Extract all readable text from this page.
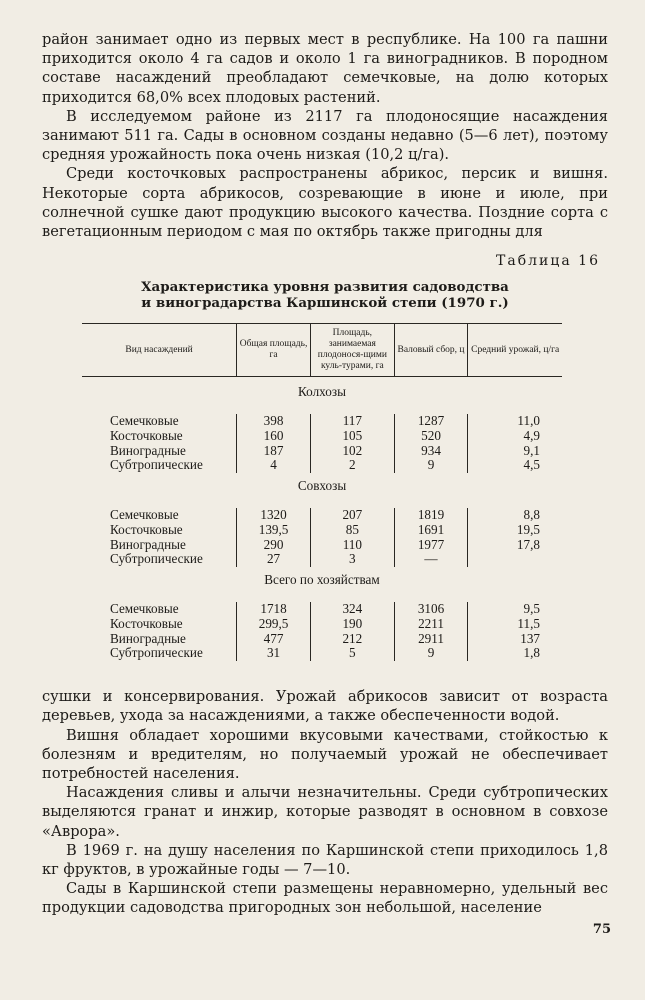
район занимает одно из первых мест в республике. На 100 га пашни приходится около 4 га садов и около 1 га виноградников. В породном составе насаждений преобладают семечковые, на долю которых приходится 68,0% всех плодовых растений.

В исследуемом районе из 2117 га плодоносящие насаждения занимают 511 га. Сады в основном созданы недавно (5—6 лет), поэтому средняя урожайность пока очень низкая (10,2 ц/га).

Среди косточковых распространены абрикос, персик и вишня. Некоторые сорта абрикосов, созревающие в июне и июле, при солнечной сушке дают продукцию высокого качества. Поздние сорта с вегетационным периодом с мая по октябрь также пригодны для

Таблица 16
Характеристика уровня развития садоводства
и виноградарства Каршинской степи (1970 г.)
Вид насаждений	Общая площадь, га	Площадь, занимаемая плодонося-щими куль-турами, га	Валовый сбор, ц	Средний урожай, ц/га
Колхозы				
Семечковые	398	117	1287	11,0
Косточковые	160	105	520	4,9
Виноградные	187	102	934	9,1
Субтропические	4	2	9	4,5
Совхозы				
Семечковые	1320	207	1819	8,8
Косточковые	139,5	85	1691	19,5
Виноградные	290	110	1977	17,8
Субтропические	27	3	—	
Всего по хозяйствам				
Семечковые	1718	324	3106	9,5
Косточковые	299,5	190	2211	11,5
Виноградные	477	212	2911	137
Субтропические	31	5	9	1,8

сушки и консервирования. Урожай абрикосов зависит от возраста деревьев, ухода за насаждениями, а также обеспеченности водой.

Вишня обладает хорошими вкусовыми качествами, стойкостью к болезням и вредителям, но получаемый урожай не обеспечивает потребностей населения.

Насаждения сливы и алычи незначительны. Среди субтропических выделяются гранат и инжир, которые разводят в основном в совхозе «Аврора».

В 1969 г. на душу населения по Каршинской степи приходилось 1,8 кг фруктов, в урожайные годы — 7—10.

Сады в Каршинской степи размещены неравномерно, удельный вес продукции садоводства пригородных зон небольшой, население

75
